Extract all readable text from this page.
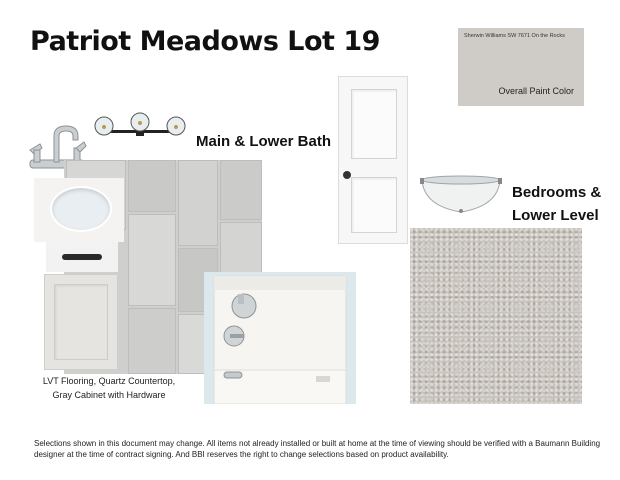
Patriot Meadows Lot 19	Sherwin Williams SW 7671 On the Rocks
Overall Paint Color
Main & Lower Bath
LVT Flooring, Quartz Countertop,
Gray Cabinet with Hardware
Bedrooms &
Lower Level
Selections shown in this document may change. All items not already installed or built at home at the time of viewing should be verified with a Baumann Building designer at the time of contract signing. And BBI reserves the right to change selections based on product availability.
